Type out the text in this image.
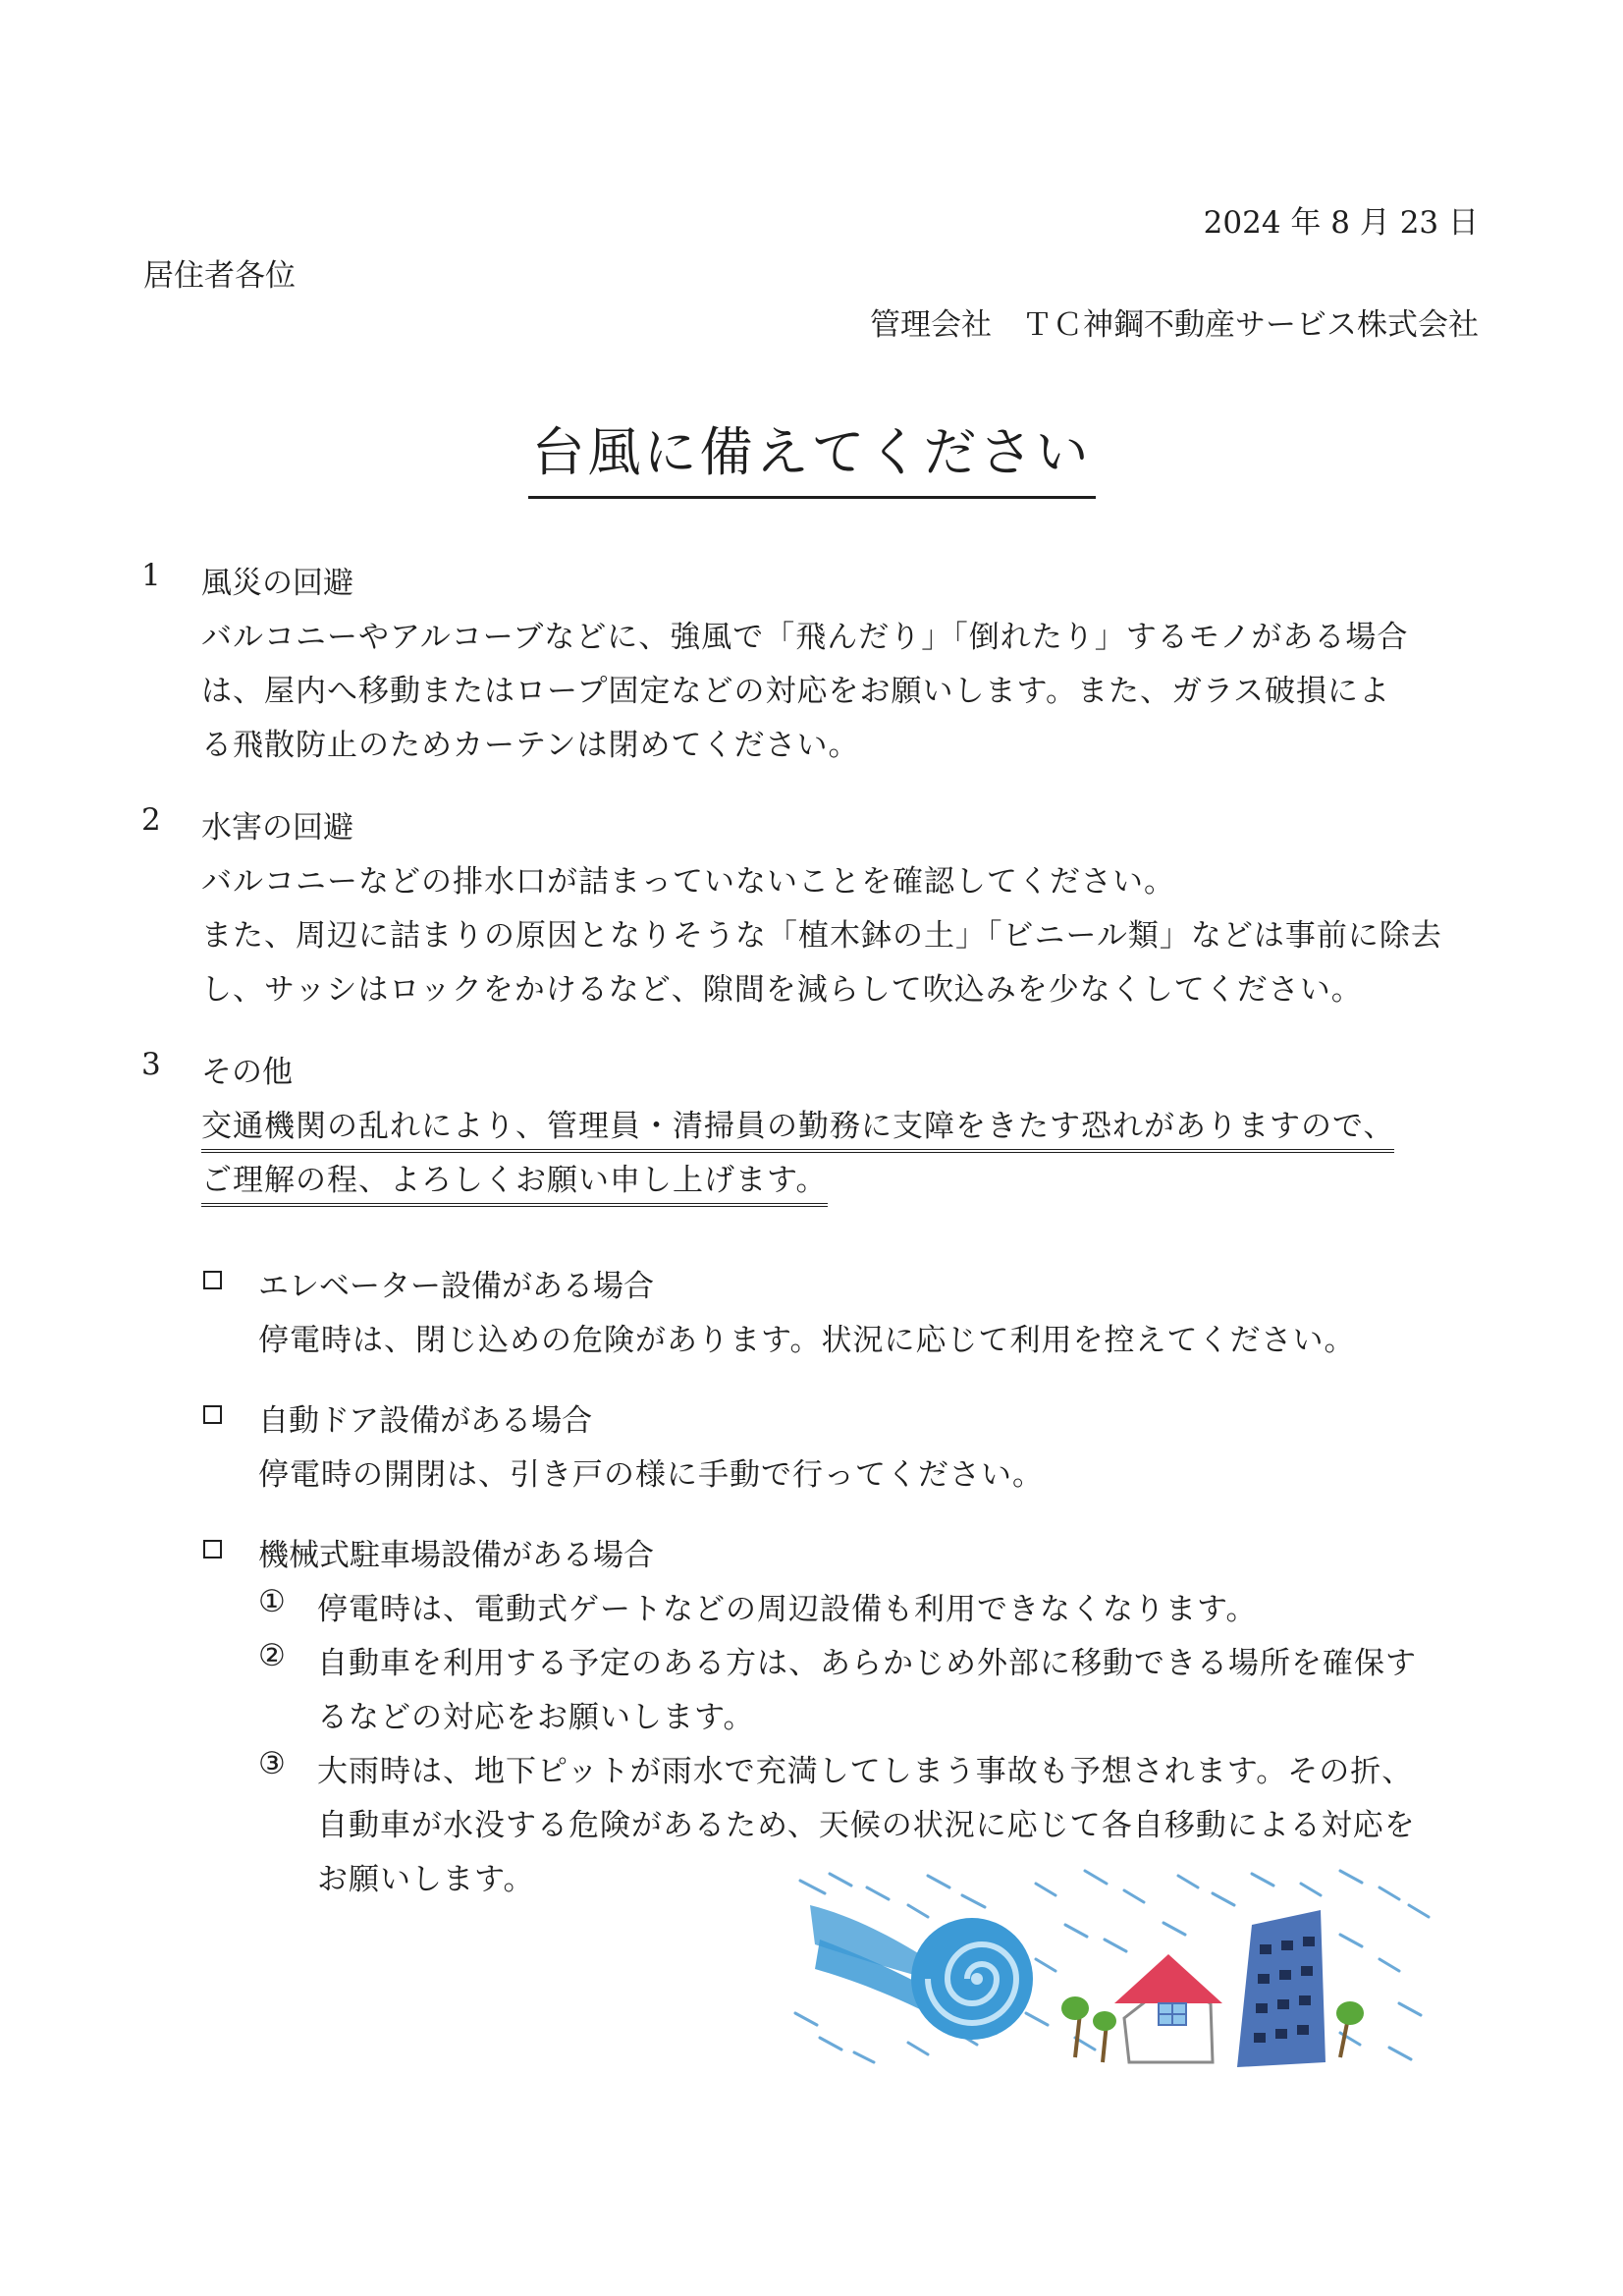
2024 年 8 月 23 日
居住者各位
管理会社　ＴＣ神鋼不動産サービス株式会社
台風に備えてください
1 風災の回避
バルコニーやアルコーブなどに、強風で「飛んだり」「倒れたり」するモノがある場合
は、屋内へ移動またはロープ固定などの対応をお願いします。また、ガラス破損によ
る飛散防止のためカーテンは閉めてください。
2 水害の回避
バルコニーなどの排水口が詰まっていないことを確認してください。
また、周辺に詰まりの原因となりそうな「植木鉢の土」「ビニール類」などは事前に除去
し、サッシはロックをかけるなど、隙間を減らして吹込みを少なくしてください。
3 その他
交通機関の乱れにより、管理員・清掃員の勤務に支障をきたす恐れがありますので、
ご理解の程、よろしくお願い申し上げます。
エレベーター設備がある場合
停電時は、閉じ込めの危険があります。状況に応じて利用を控えてください。
自動ドア設備がある場合
停電時の開閉は、引き戸の様に手動で行ってください。
機械式駐車場設備がある場合
① 停電時は、電動式ゲートなどの周辺設備も利用できなくなります。
② 自動車を利用する予定のある方は、あらかじめ外部に移動できる場所を確保す
るなどの対応をお願いします。
③ 大雨時は、地下ピットが雨水で充満してしまう事故も予想されます。その折、
自動車が水没する危険があるため、天候の状況に応じて各自移動による対応を
お願いします。
